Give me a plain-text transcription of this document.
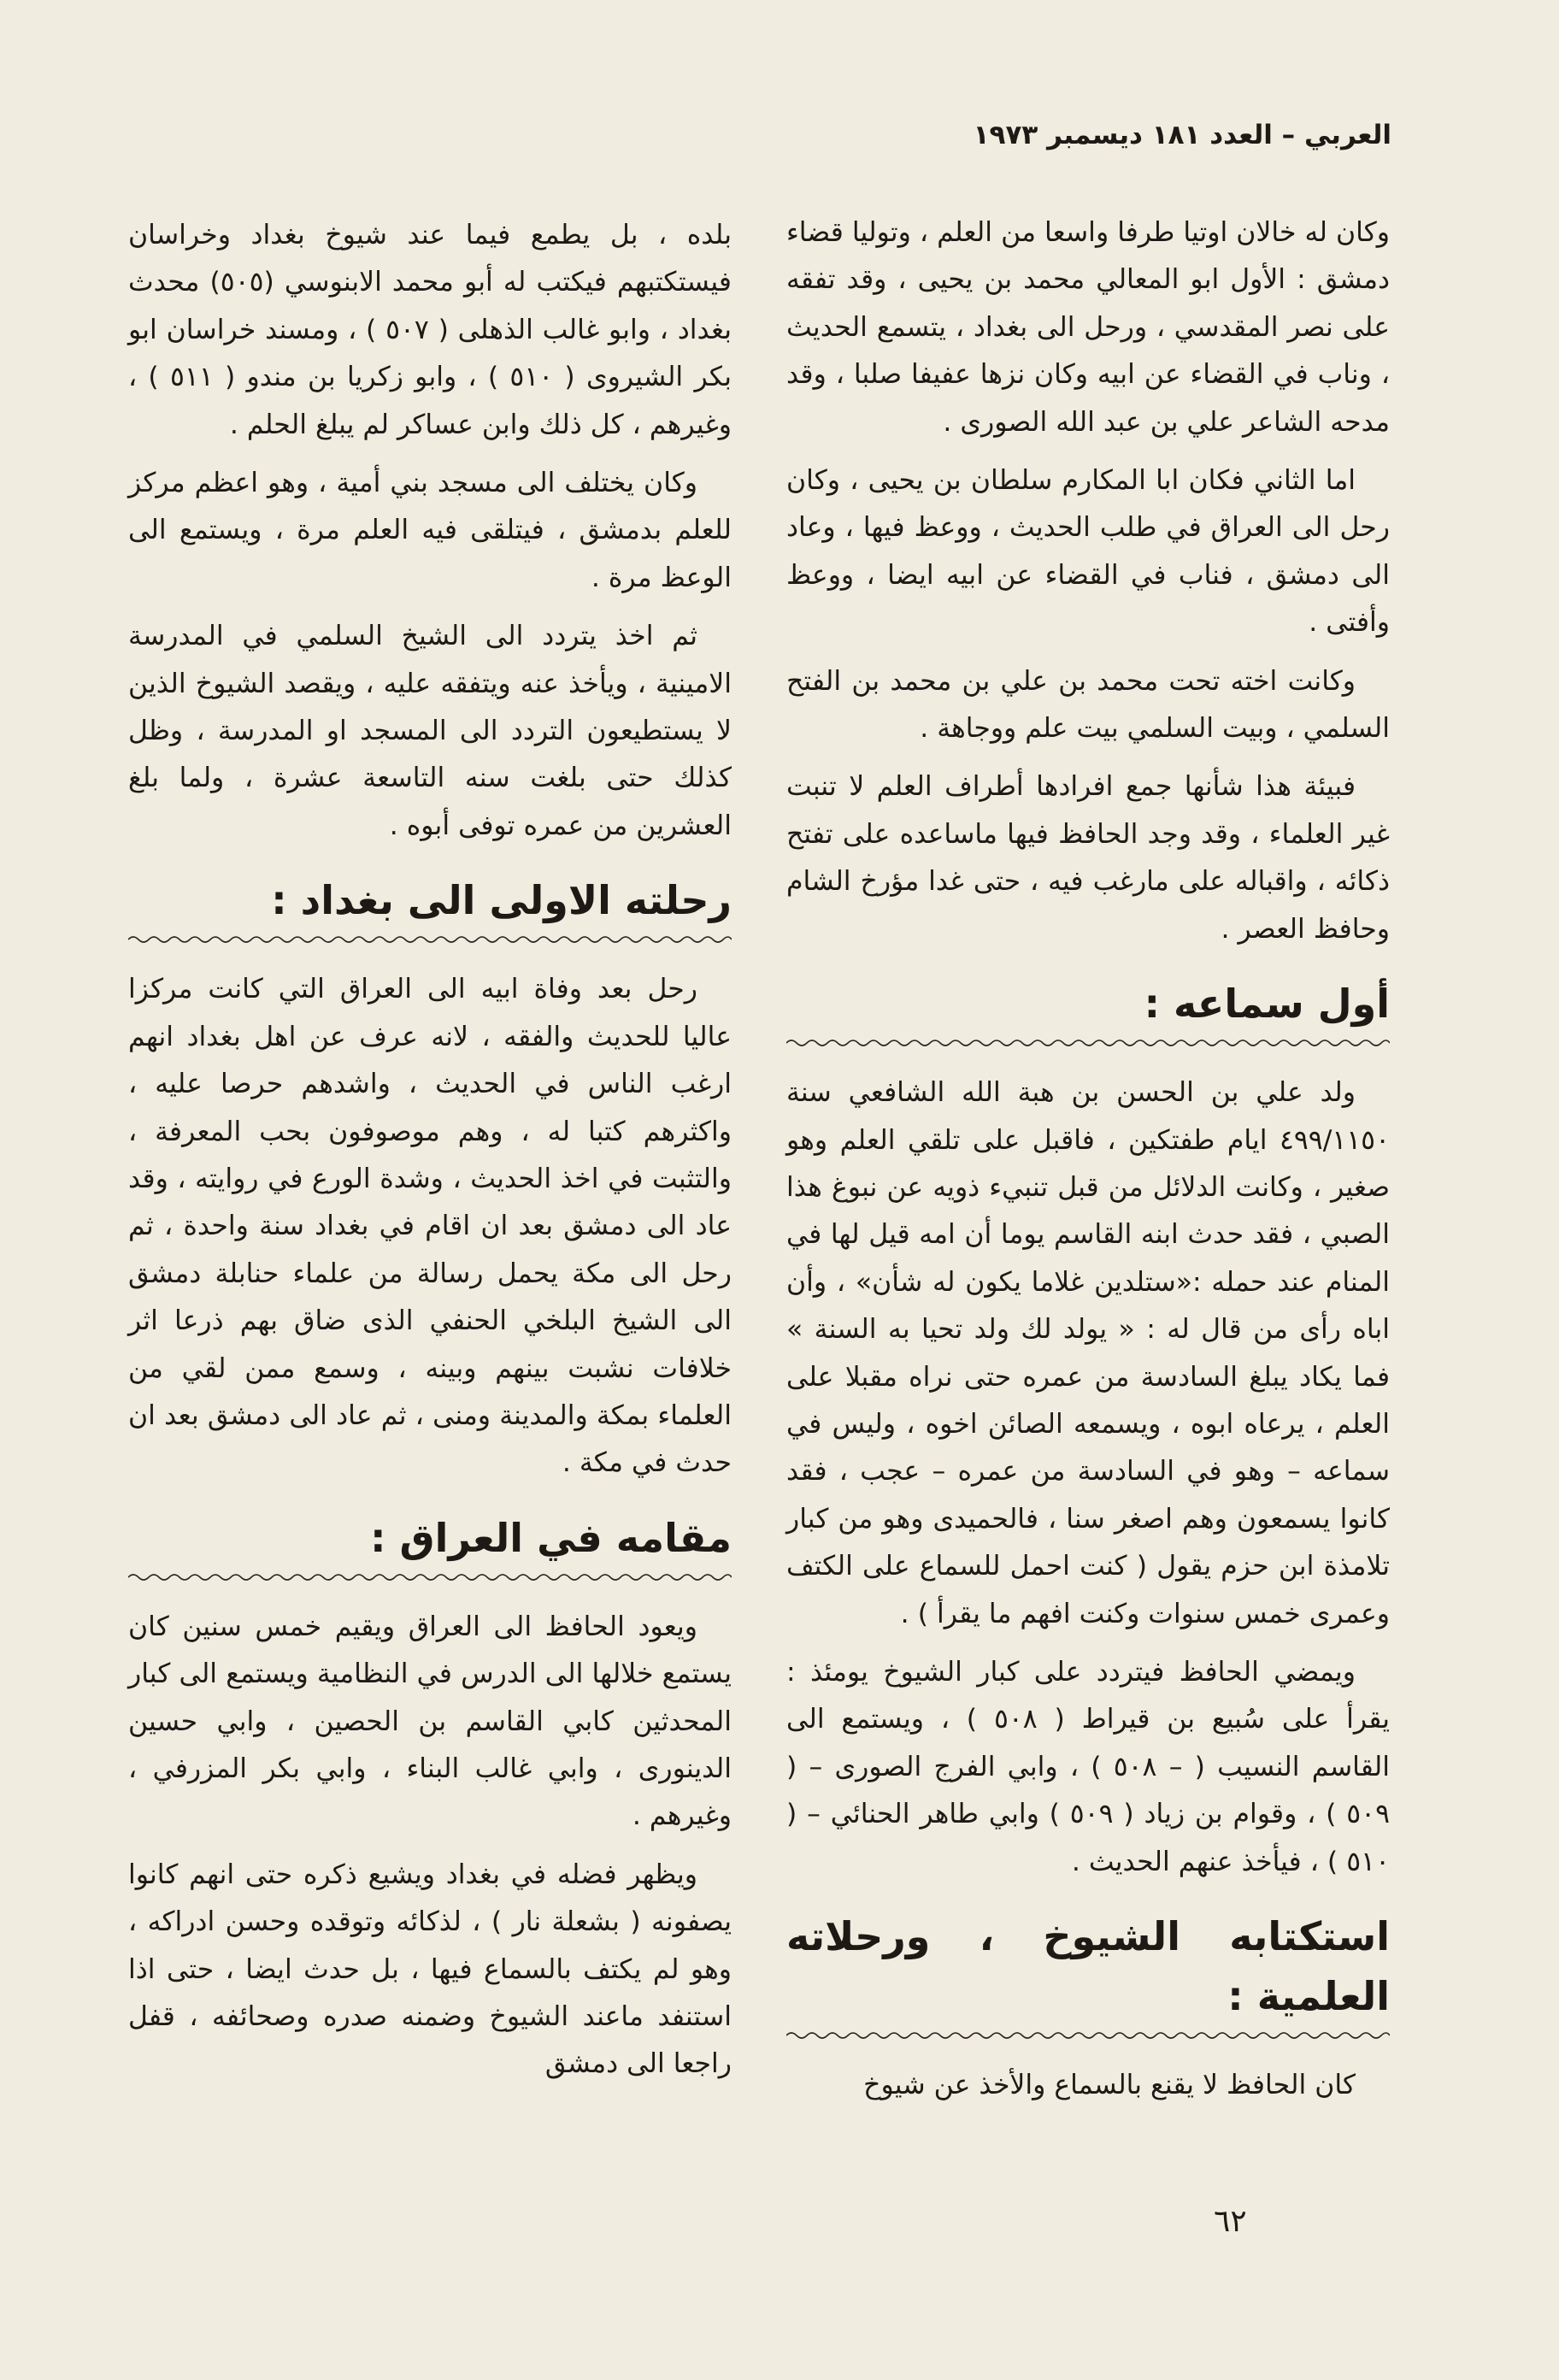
العربي – العدد ١٨١ ديسمبر ١٩٧٣

وكان له خالان اوتيا طرفا واسعا من العلم ، وتوليا قضاء دمشق : الأول ابو المعالي محمد بن يحيى ، وقد تفقه على نصر المقدسي ، ورحل الى بغداد ، يتسمع الحديث ، وناب في القضاء عن ابيه وكان نزها عفيفا صلبا ، وقد مدحه الشاعر علي بن عبد الله الصورى .

اما الثاني فكان ابا المكارم سلطان بن يحيى ، وكان رحل الى العراق في طلب الحديث ، ووعظ فيها ، وعاد الى دمشق ، فناب في القضاء عن ابيه ايضا ، ووعظ وأفتى .

وكانت اخته تحت محمد بن علي بن محمد بن الفتح السلمي ، وبيت السلمي بيت علم ووجاهة .

فبيئة هذا شأنها جمع افرادها أطراف العلم لا تنبت غير العلماء ، وقد وجد الحافظ فيها ماساعده على تفتح ذكائه ، واقباله على مارغب فيه ، حتى غدا مؤرخ الشام وحافظ العصر .

أول سماعه :

ولد علي بن الحسن بن هبة الله الشافعي سنة ٤٩٩/١١٥٠ ايام طفتكين ، فاقبل على تلقي العلم وهو صغير ، وكانت الدلائل من قبل تنبيء ذويه عن نبوغ هذا الصبي ، فقد حدث ابنه القاسم يوما أن امه قيل لها في المنام عند حمله :«ستلدين غلاما يكون له شأن» ، وأن اباه رأى من قال له : « يولد لك ولد تحيا به السنة » فما يكاد يبلغ السادسة من عمره حتى نراه مقبلا على العلم ، يرعاه ابوه ، ويسمعه الصائن اخوه ، وليس في سماعه – وهو في السادسة من عمره – عجب ، فقد كانوا يسمعون وهم اصغر سنا ، فالحميدى وهو من كبار تلامذة ابن حزم يقول ( كنت احمل للسماع على الكتف وعمرى خمس سنوات وكنت افهم ما يقرأ ) .

ويمضي الحافظ فيتردد على كبار الشيوخ يومئذ : يقرأ على سُبيع بن قيراط ( ٥٠٨ ) ، ويستمع الى القاسم النسيب ( – ٥٠٨ ) ، وابي الفرج الصورى – ( ٥٠٩ ) ، وقوام بن زياد ( ٥٠٩ ) وابي طاهر الحنائي – ( ٥١٠ ) ، فيأخذ عنهم الحديث .

استكتابه الشيوخ ، ورحلاته العلمية :

كان الحافظ لا يقنع بالسماع والأخذ عن شيوخ

بلده ، بل يطمع فيما عند شيوخ بغداد وخراسان فيستكتبهم فيكتب له أبو محمد الابنوسي (٥٠٥) محدث بغداد ، وابو غالب الذهلى ( ٥٠٧ ) ، ومسند خراسان ابو بكر الشيروى ( ٥١٠ ) ، وابو زكريا بن مندو ( ٥١١ ) ، وغيرهم ، كل ذلك وابن عساكر لم يبلغ الحلم .

وكان يختلف الى مسجد بني أمية ، وهو اعظم مركز للعلم بدمشق ، فيتلقى فيه العلم مرة ، ويستمع الى الوعظ مرة .

ثم اخذ يتردد الى الشيخ السلمي في المدرسة الامينية ، ويأخذ عنه ويتفقه عليه ، ويقصد الشيوخ الذين لا يستطيعون التردد الى المسجد او المدرسة ، وظل كذلك حتى بلغت سنه التاسعة عشرة ، ولما بلغ العشرين من عمره توفى أبوه .

رحلته الاولى الى بغداد :

رحل بعد وفاة ابيه الى العراق التي كانت مركزا عاليا للحديث والفقه ، لانه عرف عن اهل بغداد انهم ارغب الناس في الحديث ، واشدهم حرصا عليه ، واكثرهم كتبا له ، وهم موصوفون بحب المعرفة ، والتثبت في اخذ الحديث ، وشدة الورع في روايته ، وقد عاد الى دمشق بعد ان اقام في بغداد سنة واحدة ، ثم رحل الى مكة يحمل رسالة من علماء حنابلة دمشق الى الشيخ البلخي الحنفي الذى ضاق بهم ذرعا اثر خلافات نشبت بينهم وبينه ، وسمع ممن لقي من العلماء بمكة والمدينة ومنى ، ثم عاد الى دمشق بعد ان حدث في مكة .

مقامه في العراق :

ويعود الحافظ الى العراق ويقيم خمس سنين كان يستمع خلالها الى الدرس في النظامية ويستمع الى كبار المحدثين كابي القاسم بن الحصين ، وابي حسين الدينورى ، وابي غالب البناء ، وابي بكر المزرفي ، وغيرهم .

ويظهر فضله في بغداد ويشيع ذكره حتى انهم كانوا يصفونه ( بشعلة نار ) ، لذكائه وتوقده وحسن ادراكه ، وهو لم يكتف بالسماع فيها ، بل حدث ايضا ، حتى اذا استنفد ماعند الشيوخ وضمنه صدره وصحائفه ، قفل راجعا الى دمشق

٦٢
